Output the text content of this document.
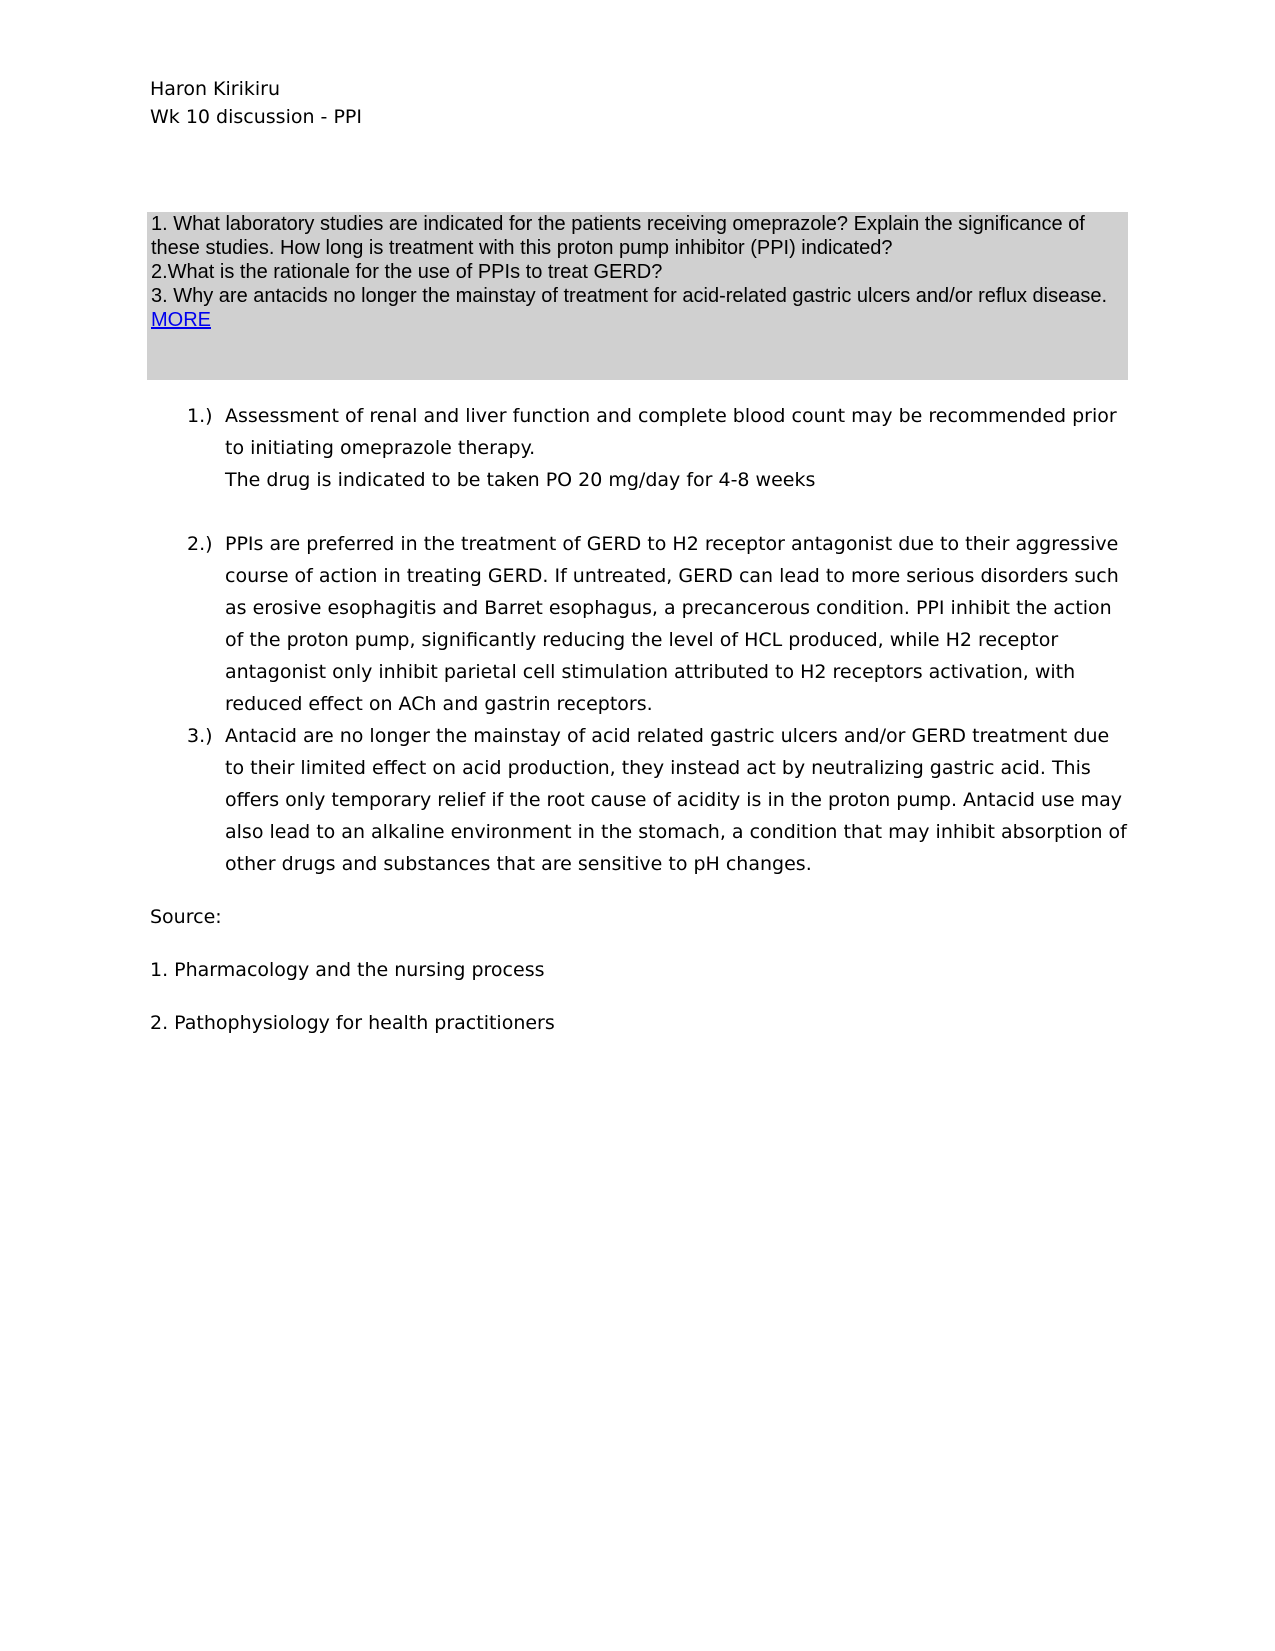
Haron Kirikiru
Wk 10 discussion - PPI
1. What laboratory studies are indicated for the patients receiving omeprazole? Explain the significance of these studies. How long is treatment with this proton pump inhibitor (PPI) indicated?
2.What is the rationale for the use of PPIs to treat GERD?
3. Why are antacids no longer the mainstay of treatment for acid-related gastric ulcers and/or reflux disease.
MORE
1.) Assessment of renal and liver function and complete blood count may be recommended prior to initiating omeprazole therapy.
The drug is indicated to be taken PO 20 mg/day for 4-8 weeks
2.) PPIs are preferred in the treatment of GERD to H2 receptor antagonist due to their aggressive course of action in treating GERD. If untreated, GERD can lead to more serious disorders such as erosive esophagitis and Barret esophagus, a precancerous condition. PPI inhibit the action of the proton pump, significantly reducing the level of HCL produced, while H2 receptor antagonist only inhibit parietal cell stimulation attributed to H2 receptors activation, with reduced effect on ACh and gastrin receptors.
3.) Antacid are no longer the mainstay of acid related gastric ulcers and/or GERD treatment due to their limited effect on acid production, they instead act by neutralizing gastric acid. This offers only temporary relief if the root cause of acidity is in the proton pump. Antacid use may also lead to an alkaline environment in the stomach, a condition that may inhibit absorption of other drugs and substances that are sensitive to pH changes.
Source:
1. Pharmacology and the nursing process
2. Pathophysiology for health practitioners
